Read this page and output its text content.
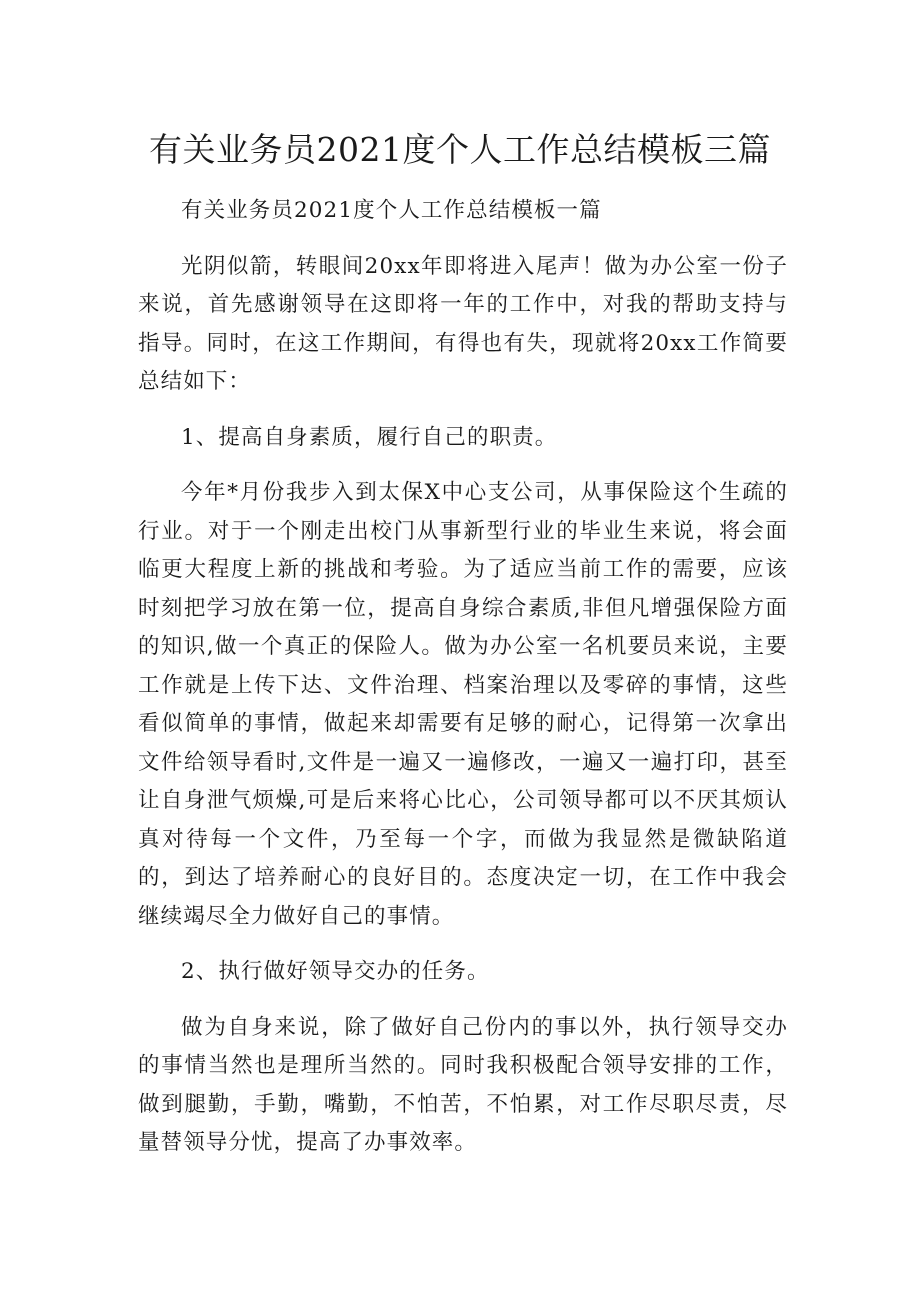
有关业务员2021度个人工作总结模板三篇

有关业务员2021度个人工作总结模板一篇

光阴似箭，转眼间20xx年即将进入尾声！做为办公室一份子来说，首先感谢领导在这即将一年的工作中，对我的帮助支持与指导。同时，在这工作期间，有得也有失，现就将20xx工作简要总结如下：

1、提高自身素质，履行自己的职责。

今年*月份我步入到太保X中心支公司，从事保险这个生疏的行业。对于一个刚走出校门从事新型行业的毕业生来说，将会面临更大程度上新的挑战和考验。为了适应当前工作的需要，应该时刻把学习放在第一位，提高自身综合素质,非但凡增强保险方面的知识,做一个真正的保险人。做为办公室一名机要员来说，主要工作就是上传下达、文件治理、档案治理以及零碎的事情，这些看似简单的事情，做起来却需要有足够的耐心，记得第一次拿出文件给领导看时,文件是一遍又一遍修改，一遍又一遍打印，甚至让自身泄气烦燥,可是后来将心比心，公司领导都可以不厌其烦认真对待每一个文件，乃至每一个字，而做为我显然是微缺陷道的，到达了培养耐心的良好目的。态度决定一切，在工作中我会继续竭尽全力做好自己的事情。

2、执行做好领导交办的任务。

做为自身来说，除了做好自己份内的事以外，执行领导交办的事情当然也是理所当然的。同时我积极配合领导安排的工作，做到腿勤，手勤，嘴勤，不怕苦，不怕累，对工作尽职尽责，尽量替领导分忧，提高了办事效率。
